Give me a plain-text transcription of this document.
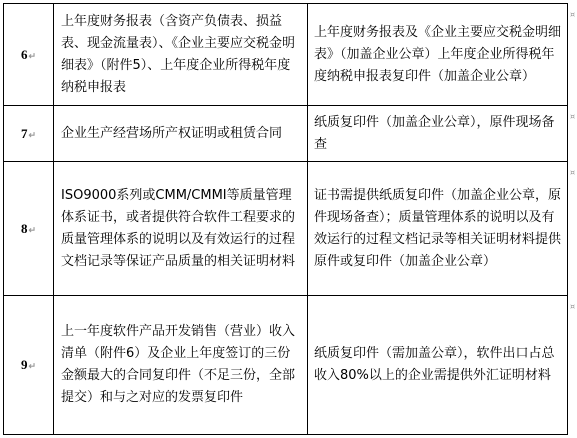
6↵	上年度财务报表（含资产负债表、损益表、现金流量表）、《企业主要应交税金明细表》（附件5）、上年度企业所得税年度纳税申报表	上年度财务报表及《企业主要应交税金明细表》（加盖企业公章）上年度企业所得税年度纳税申报表复印件（加盖企业公章）

7↵	企业生产经营场所产权证明或租赁合同	纸质复印件（加盖企业公章），原件现场备查

8↵	ISO9000系列或CMM/CMMI等质量管理体系证书，或者提供符合软件工程要求的质量管理体系的说明以及有效运行的过程文档记录等保证产品质量的相关证明材料	证书需提供纸质复印件（加盖企业公章，原件现场备查）；质量管理体系的说明以及有效运行的过程文档记录等相关证明材料提供原件或复印件（加盖企业公章）

9↵	上一年度软件产品开发销售（营业）收入清单（附件6）及企业上年度签订的三份金额最大的合同复印件（不足三份，全部提交）和与之对应的发票复印件	纸质复印件（需加盖公章），软件出口占总收入80%以上的企业需提供外汇证明材料
¤
¤
¤
¤
